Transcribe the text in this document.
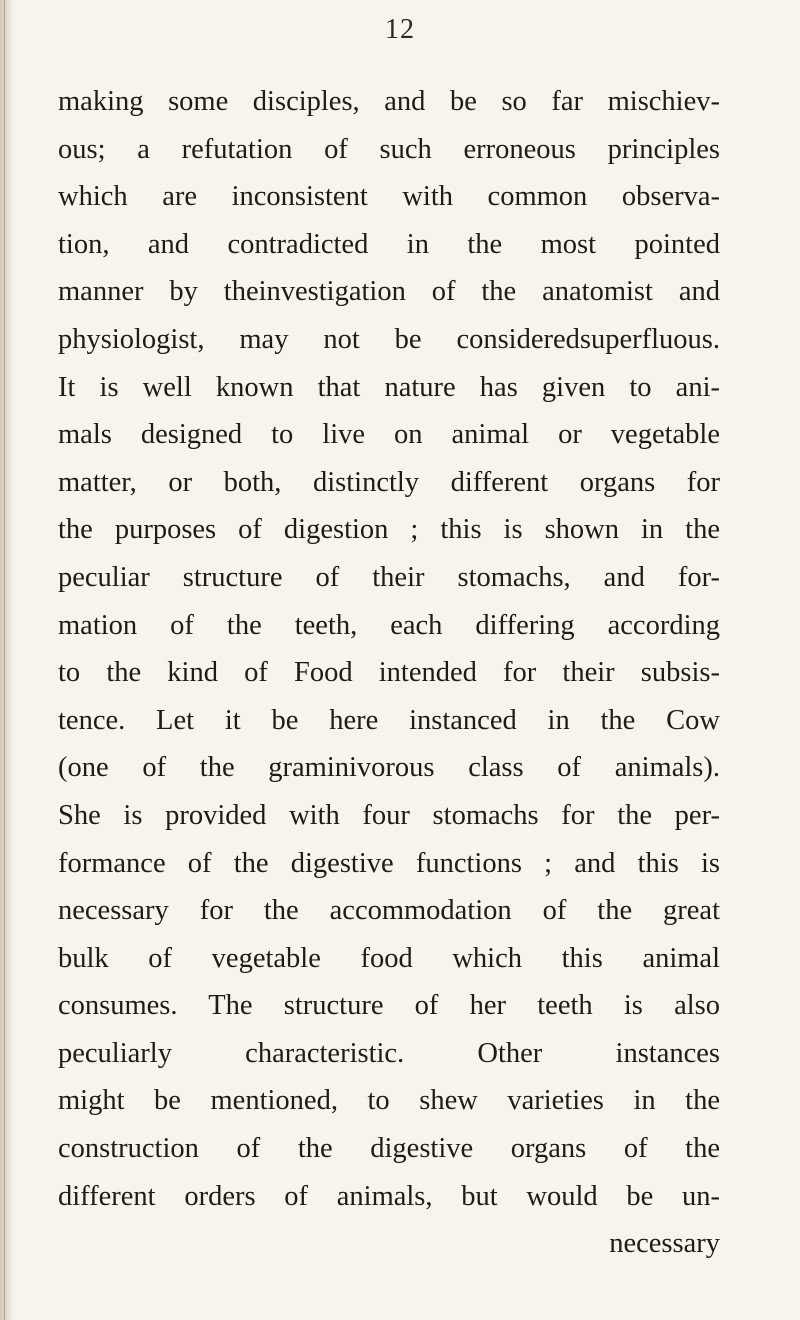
12
making some disciples, and be so far mischiev-
ous; a refutation of such erroneous principles
which are inconsistent with common observa-
tion, and contradicted in the most pointed
manner by theinvestigation of the anatomist and
physiologist, may not be consideredsuperfluous.
It is well known that nature has given to ani-
mals designed to live on animal or vegetable
matter, or both, distinctly different organs for
the purposes of digestion ; this is shown in the
peculiar structure of their stomachs, and for-
mation of the teeth, each differing according
to the kind of Food intended for their subsis-
tence. Let it be here instanced in the Cow
(one of the graminivorous class of animals).
She is provided with four stomachs for the per-
formance of the digestive functions ; and this is
necessary for the accommodation of the great
bulk of vegetable food which this animal
consumes. The structure of her teeth is also
peculiarly characteristic. Other instances
might be mentioned, to shew varieties in the
construction of the digestive organs of the
different orders of animals, but would be un-
necessary
